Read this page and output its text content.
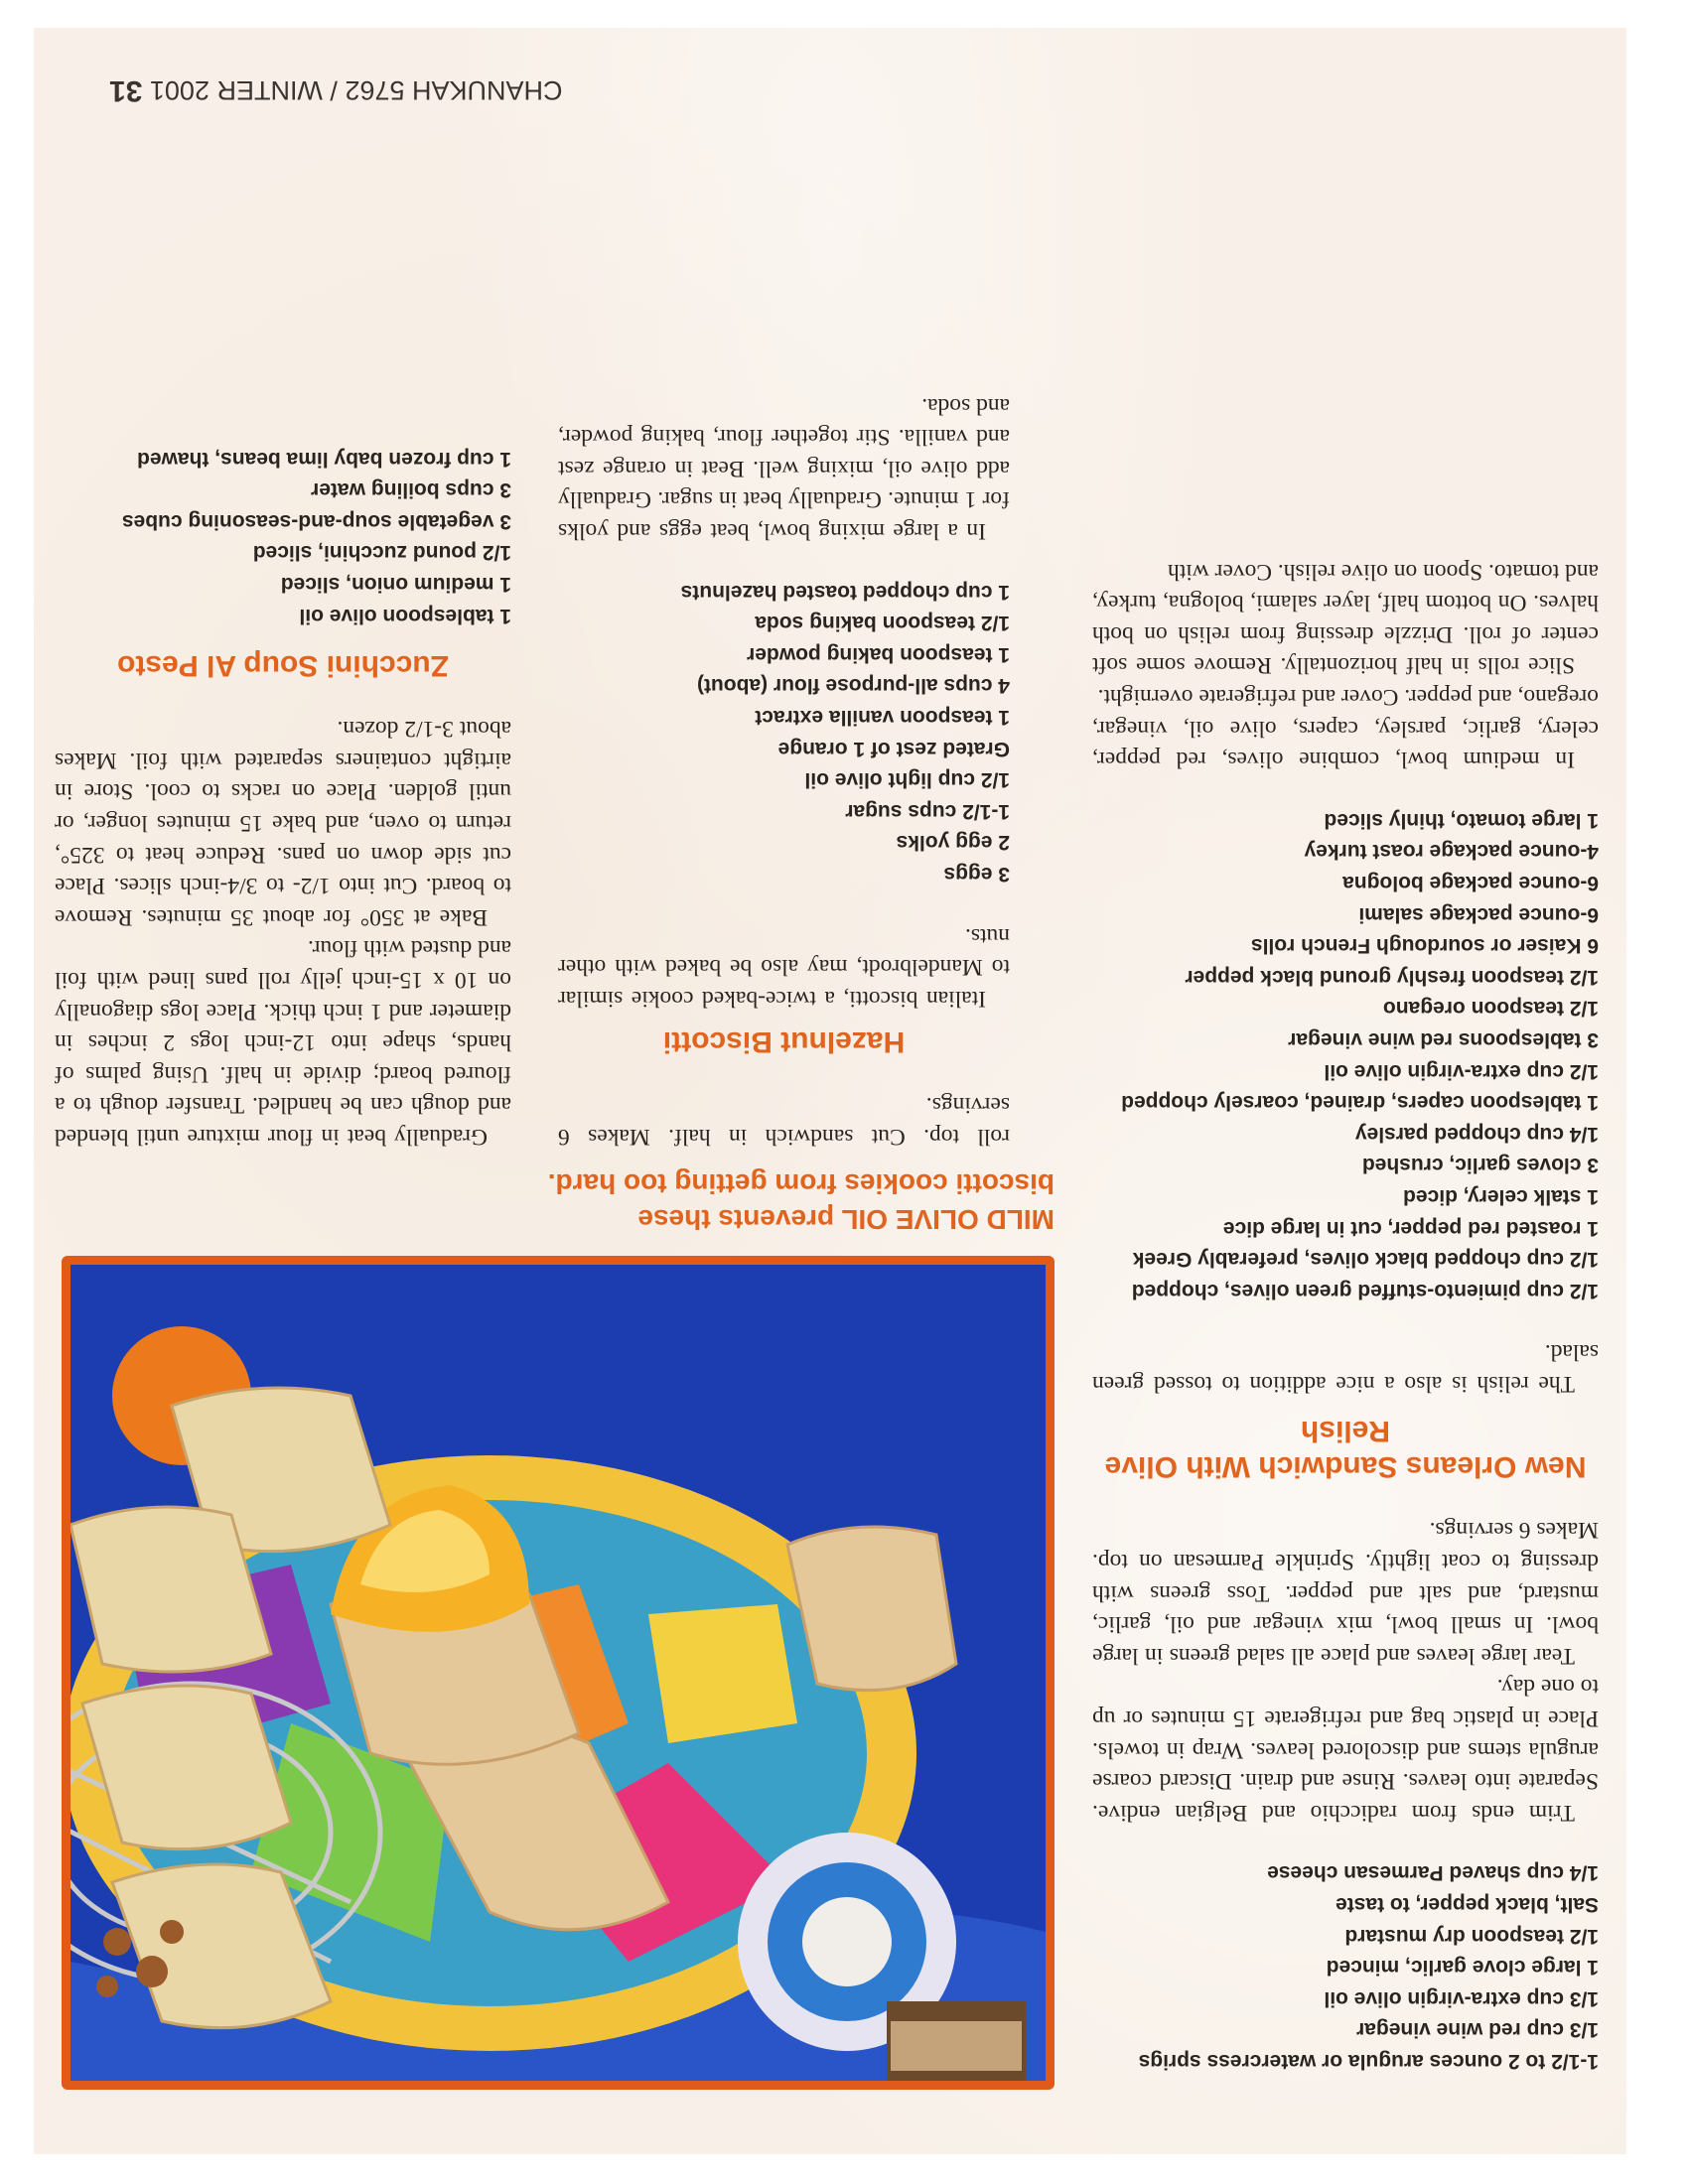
MILD OLIVE OIL prevents these biscotti cookies from getting too hard.

1-1/2 to 2 ounces arugula or watercress sprigs

1/3 cup red wine vinegar

1/3 cup extra-virgin olive oil

1 large clove garlic, minced

1/2 teaspoon dry mustard

Salt, black pepper, to taste

1/4 cup shaved Parmesan cheese

Trim ends from radicchio and Belgian endive. Separate into leaves. Rinse and drain. Discard coarse arugula stems and discolored leaves. Wrap in towels. Place in plastic bag and refrigerate 15 minutes or up to one day.

Tear large leaves and place all salad greens in large bowl. In small bowl, mix vinegar and oil, garlic, mustard, and salt and pepper. Toss greens with dressing to coat lightly. Sprinkle Parmesan on top. Makes 6 servings.

New Orleans Sandwich With Olive Relish

The relish is also a nice addition to tossed green salad.

1/2 cup pimiento-stuffed green olives, chopped

1/2 cup chopped black olives, preferably Greek

1 roasted red pepper, cut in large dice

1 stalk celery, diced

3 cloves garlic, crushed

1/4 cup chopped parsley

1 tablespoon capers, drained, coarsely chopped

1/2 cup extra-virgin olive oil

3 tablespoons red wine vinegar

1/2 teaspoon oregano

1/2 teaspoon freshly ground black pepper

6 Kaiser or sourdough French rolls

6-ounce package salami

6-ounce package bologna

4-ounce package roast turkey

1 large tomato, thinly sliced

In medium bowl, combine olives, red pepper, celery, garlic, parsley, capers, olive oil, vinegar, oregano, and pepper. Cover and refrigerate overnight.

Slice rolls in half horizontally. Remove some soft center of roll. Drizzle dressing from relish on both halves. On bottom half, layer salami, bologna, turkey, and tomato. Spoon on olive relish. Cover with

roll top. Cut sandwich in half. Makes 6 servings.

Hazelnut Biscotti

Italian biscotti, a twice-baked cookie similar to Mandelbrodt, may also be baked with other nuts.

3 eggs

2 egg yolks

1-1/2 cups sugar

1/2 cup light olive oil

Grated zest of 1 orange

1 teaspoon vanilla extract

4 cups all-purpose flour (about)

1 teaspoon baking powder

1/2 teaspoon baking soda

1 cup chopped toasted hazelnuts

In a large mixing bowl, beat eggs and yolks for 1 minute. Gradually beat in sugar. Gradually add olive oil, mixing well. Beat in orange zest and vanilla. Stir together flour, baking powder, and soda.

Gradually beat in flour mixture until blended and dough can be handled. Transfer dough to a floured board; divide in half. Using palms of hands, shape into 12-inch logs 2 inches in diameter and 1 inch thick. Place logs diagonally on 10 x 15-inch jelly roll pans lined with foil and dusted with flour.

Bake at 350° for about 35 minutes. Remove to board. Cut into 1/2- to 3/4-inch slices. Place cut side down on pans. Reduce heat to 325°, return to oven, and bake 15 minutes longer, or until golden. Place on racks to cool. Store in airtight containers separated with foil. Makes about 3-1/2 dozen.

Zucchini Soup Al Pesto

1 tablespoon olive oil

1 medium onion, sliced

1/2 pound zucchini, sliced

3 vegetable soup-and-seasoning cubes

3 cups boiling water

1 cup frozen baby lima beans, thawed

CHANUKAH 5762 / WINTER 2001 31
